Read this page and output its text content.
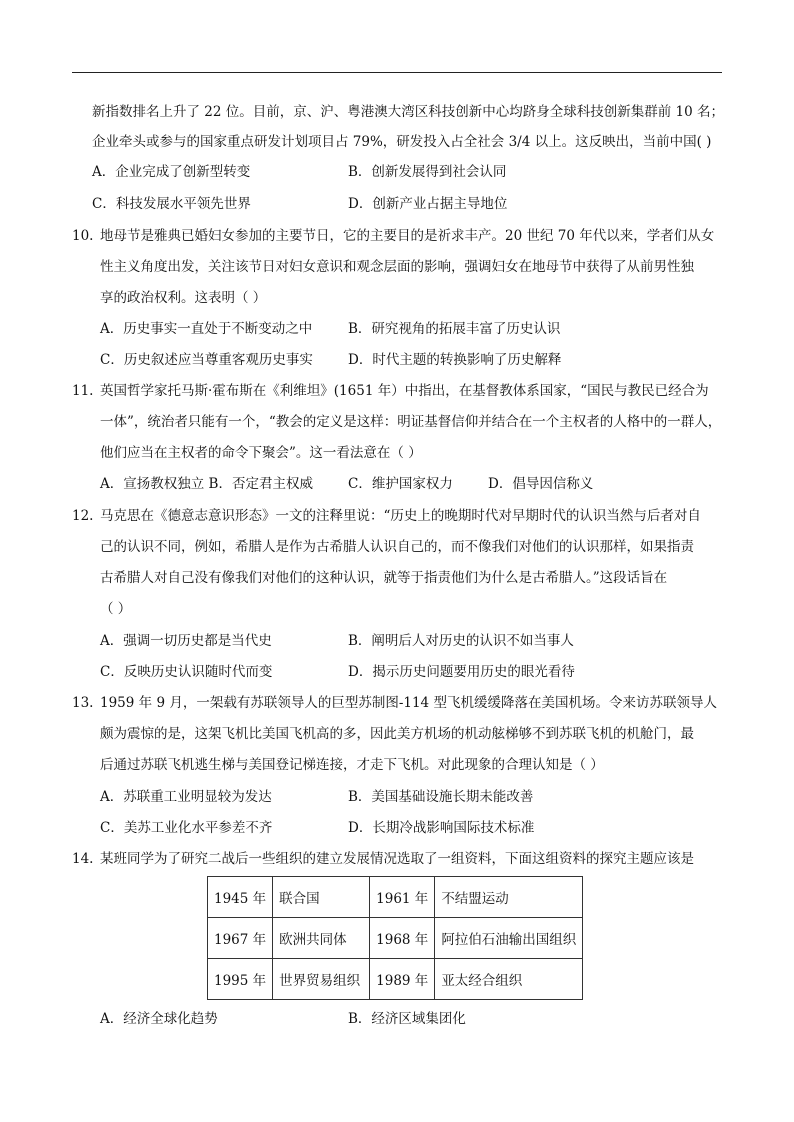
新指数排名上升了 22 位。目前，京、沪、粤港澳大湾区科技创新中心均跻身全球科技创新集群前 10 名；
企业牵头或参与的国家重点研发计划项目占 79%，研发投入占全社会 3/4 以上。这反映出，当前中国( )
A．企业完成了创新型转变	B．创新发展得到社会认同
C．科技发展水平领先世界	D．创新产业占据主导地位
10. 地母节是雅典已婚妇女参加的主要节日，它的主要目的是祈求丰产。20 世纪 70 年代以来，学者们从女
性主义角度出发，关注该节日对妇女意识和观念层面的影响，强调妇女在地母节中获得了从前男性独
享的政治权利。这表明（ ）
A．历史事实一直处于不断变动之中	B．研究视角的拓展丰富了历史认识
C．历史叙述应当尊重客观历史事实	D．时代主题的转换影响了历史解释
11. 英国哲学家托马斯·霍布斯在《利维坦》(1651 年）中指出，在基督教体系国家，“国民与教民已经合为
一体”，统治者只能有一个，“教会的定义是这样：明证基督信仰并结合在一个主权者的人格中的一群人，
他们应当在主权者的命令下聚会”。这一看法意在（ ）
A．宣扬教权独立 B．否定君主权威	C．维护国家权力	D．倡导因信称义
12. 马克思在《德意志意识形态》一文的注释里说：“历史上的晚期时代对早期时代的认识当然与后者对自
己的认识不同，例如，希腊人是作为古希腊人认识自己的，而不像我们对他们的认识那样，如果指责
古希腊人对自己没有像我们对他们的这种认识，就等于指责他们为什么是古希腊人。”这段话旨在
（ ）
A．强调一切历史都是当代史	B．阐明后人对历史的认识不如当事人
C．反映历史认识随时代而变	D．揭示历史问题要用历史的眼光看待
13. 1959 年 9 月，一架载有苏联领导人的巨型苏制图-114 型飞机缓缓降落在美国机场。令来访苏联领导人
颇为震惊的是，这架飞机比美国飞机高的多，因此美方机场的机动舷梯够不到苏联飞机的机舱门，最
后通过苏联飞机逃生梯与美国登记梯连接，才走下飞机。对此现象的合理认知是（ ）
A．苏联重工业明显较为发达	B．美国基础设施长期未能改善
C．美苏工业化水平参差不齐	D．长期冷战影响国际技术标准
14. 某班同学为了研究二战后一些组织的建立发展情况选取了一组资料，下面这组资料的探究主题应该是
1945 年	联合国	1961 年	不结盟运动
1967 年	欧洲共同体	1968 年	阿拉伯石油输出国组织
1995 年	世界贸易组织	1989 年	亚太经合组织
A．经济全球化趋势	B．经济区域集团化
